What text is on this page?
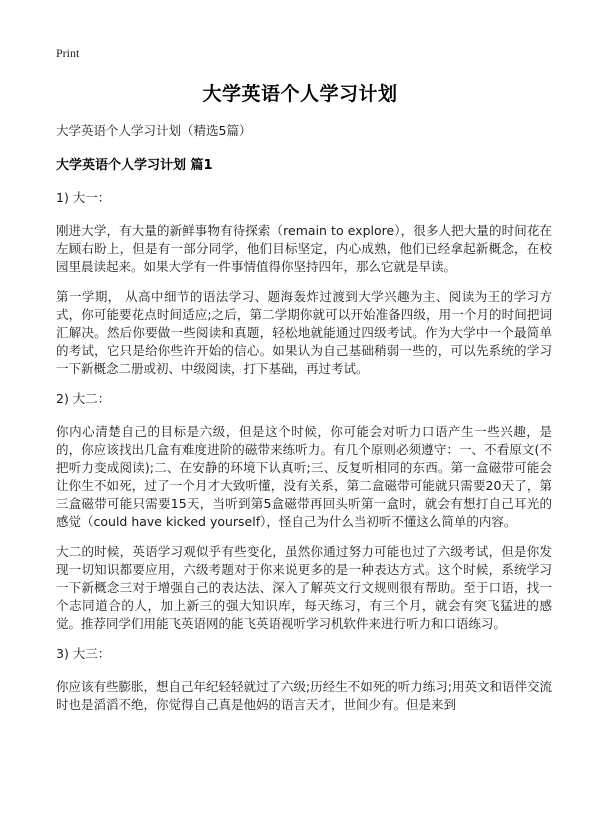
Print
大学英语个人学习计划

大学英语个人学习计划（精选5篇）

大学英语个人学习计划 篇1

1) 大一：

刚进大学，有大量的新鲜事物有待探索（remain to explore），很多人把大量的时间花在左顾右盼上，但是有一部分同学，他们目标坚定，内心成熟，他们已经拿起新概念，在校园里晨读起来。如果大学有一件事情值得你坚持四年，那么它就是早读。

第一学期， 从高中细节的语法学习、题海轰炸过渡到大学兴趣为主、阅读为王的学习方式，你可能要花点时间适应;之后，第二学期你就可以开始准备四级，用一个月的时间把词汇解决。然后你要做一些阅读和真题，轻松地就能通过四级考试。作为大学中一个最简单的考试，它只是给你些许开始的信心。如果认为自己基础稍弱一些的，可以先系统的学习一下新概念二册或初、中级阅读，打下基础，再过考试。

2) 大二：

你内心清楚自己的目标是六级，但是这个时候，你可能会对听力口语产生一些兴趣，是的，你应该找出几盒有难度进阶的磁带来练听力。有几个原则必须遵守：一、不看原文(不把听力变成阅读);二、在安静的环境下认真听;三、反复听相同的东西。第一盒磁带可能会让你生不如死，过了一个月才大致听懂，没有关系，第二盒磁带可能就只需要20天了，第三盒磁带可能只需要15天，当听到第5盒磁带再回头听第一盒时，就会有想打自己耳光的感觉（could have kicked yourself），怪自己为什么当初听不懂这么简单的内容。

大二的时候，英语学习观似乎有些变化，虽然你通过努力可能也过了六级考试，但是你发现一切知识都要应用，六级考题对于你来说更多的是一种表达方式。这个时候，系统学习一下新概念三对于增强自己的表达法、深入了解英文行文规则很有帮助。至于口语，找一个志同道合的人，加上新三的强大知识库，每天练习，有三个月，就会有突飞猛进的感觉。推荐同学们用能飞英语网的能飞英语视听学习机软件来进行听力和口语练习。

3) 大三：

你应该有些膨胀，想自己年纪轻轻就过了六级;历经生不如死的听力练习;用英文和语伴交流时也是滔滔不绝，你觉得自己真是他妈的语言天才，世间少有。但是来到
